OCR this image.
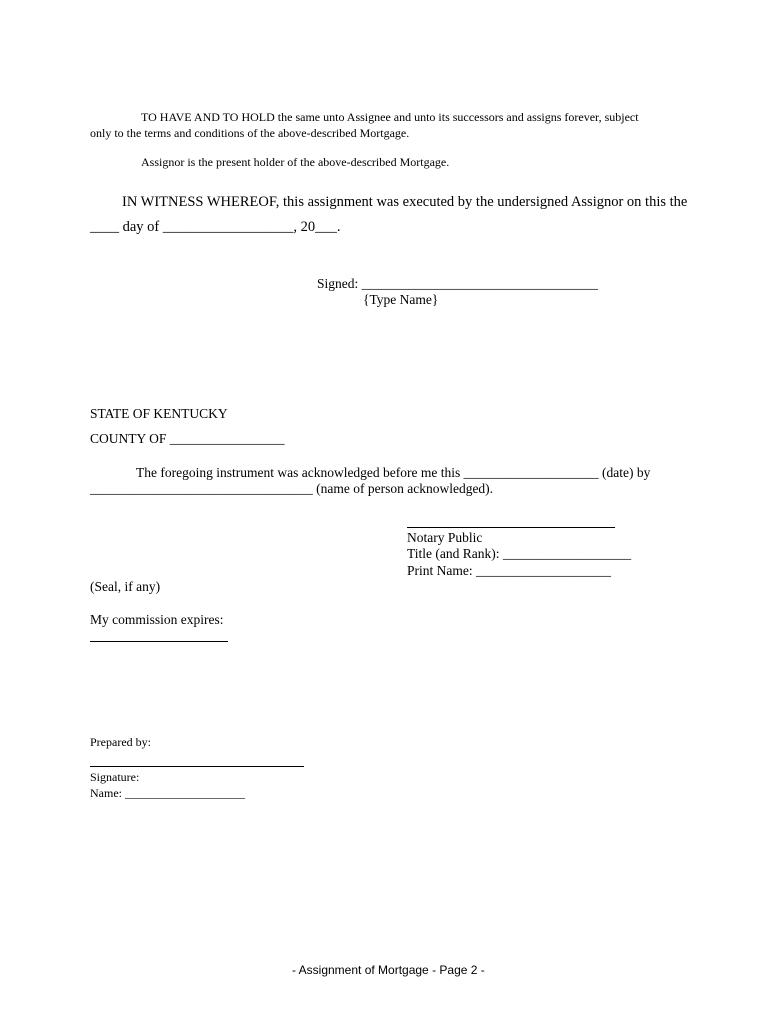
TO HAVE AND TO HOLD the same unto Assignee and unto its successors and assigns forever, subject
only to the terms and conditions of the above-described Mortgage.
Assignor is the present holder of the above-described Mortgage.
IN WITNESS WHEREOF, this assignment was executed by the undersigned Assignor on this the
____ day of __________________, 20___.
Signed: ___________________________________
{Type Name}
STATE OF KENTUCKY
COUNTY OF _________________
The foregoing instrument was acknowledged before me this ____________________ (date) by
_________________________________ (name of person acknowledged).
Notary Public
Title (and Rank): ___________________
Print Name: ____________________
(Seal, if any)
My commission expires:
Prepared by:
Signature:
Name: ____________________
- Assignment of Mortgage - Page 2 -
